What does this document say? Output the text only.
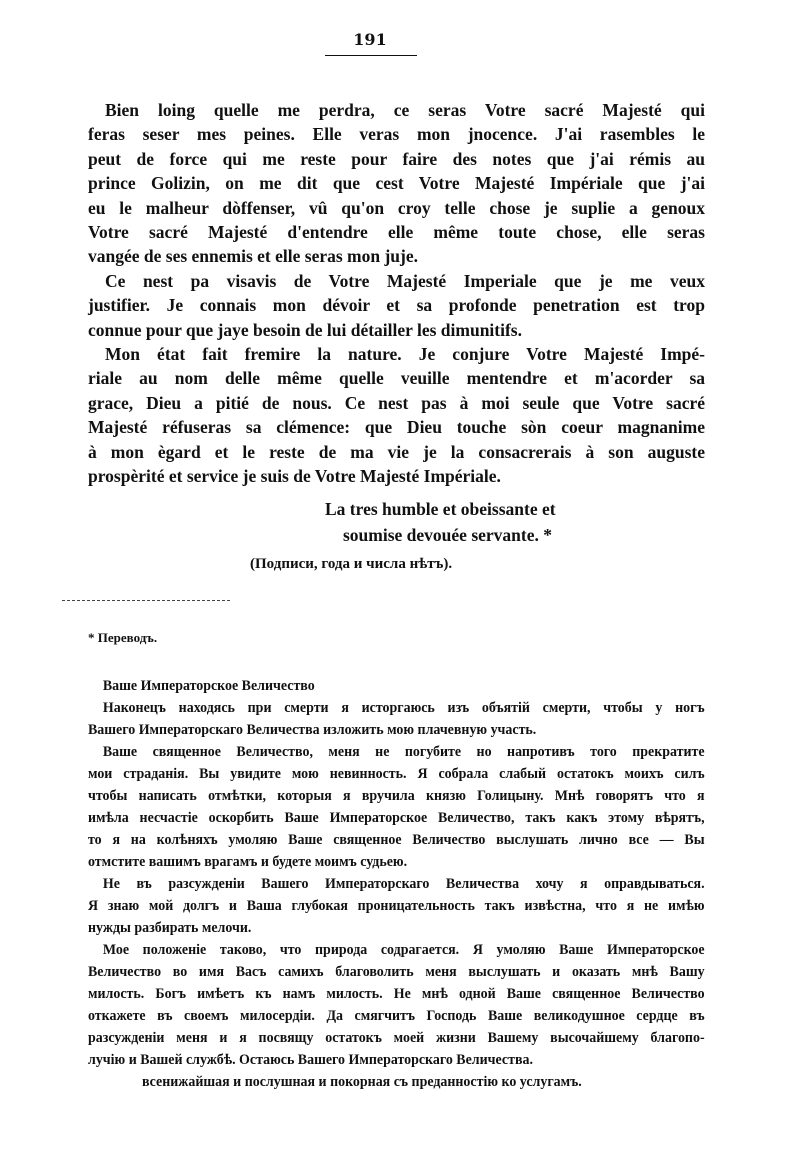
191
Bien loing quelle me perdra, ce seras Votre sacré Majesté qui
feras seser mes peines. Elle veras mon jnocence. J'ai rasembles le
peut de force qui me reste pour faire des notes que j'ai rémis au
prince Golizin, on me dit que cest Votre Majesté Impériale que j'ai
eu le malheur dòffenser, vû qu'on croy telle chose je suplie a genoux
Votre sacré Majesté d'entendre elle même toute chose, elle seras
vangée de ses ennemis et elle seras mon juje.
Ce nest pa visavis de Votre Majesté Imperiale que je me veux
justifier. Je connais mon dévoir et sa profonde penetration est trop
connue pour que jaye besoin de lui détailler les dimunitifs.
Mon état fait fremire la nature. Je conjure Votre Majesté Impé-
riale au nom delle même quelle veuille mentendre et m'acorder sa
grace, Dieu a pitié de nous. Ce nest pas à moi seule que Votre sacré
Majesté réfuseras sa clémence: que Dieu touche sòn coeur magnanime
à mon ègard et le reste de ma vie je la consacrerais à son auguste
prospèrité et service je suis de Votre Majesté Impériale.
La tres humble et obeissante et
soumise devouée servante. *
(Подписи, года и числа нѣтъ).
* Переводъ.
Ваше Императорское Величество
Наконецъ находясь при смерти я исторгаюсь изъ объятій смерти, чтобы у ногъ
Вашего Императорскаго Величества изложить мою плачевную участь.
Ваше священное Величество, меня не погубите но напротивъ того прекратите
мои страданія. Вы увидите мою невинность. Я собрала слабый остатокъ моихъ силъ
чтобы написать отмѣтки, которыя я вручила князю Голицыну. Мнѣ говорятъ что я
имѣла несчастіе оскорбить Ваше Императорское Величество, такъ какъ этому вѣрятъ,
то я на колѣняхъ умоляю Ваше священное Величество выслушать лично все — Вы
отмстите вашимъ врагамъ и будете моимъ судьею.
Не въ разсужденіи Вашего Императорскаго Величества хочу я оправдываться.
Я знаю мой долгъ и Ваша глубокая проницательность такъ извѣстна, что я не имѣю
нужды разбирать мелочи.
Мое положеніе таково, что природа содрагается. Я умоляю Ваше Императорское
Величество во имя Васъ самихъ благоволить меня выслушать и оказать мнѣ Вашу
милость. Богъ имѣетъ къ намъ милость. Не мнѣ одной Ваше священное Величество
откажете въ своемъ милосердіи. Да смягчитъ Господь Ваше великодушное сердце въ
разсужденіи меня и я посвящу остатокъ моей жизни Вашему высочайшему благопо-
лучію и Вашей службѣ. Остаюсь Вашего Императорскаго Величества.
всенижайшая и послушная и покорная съ преданностію ко услугамъ.
